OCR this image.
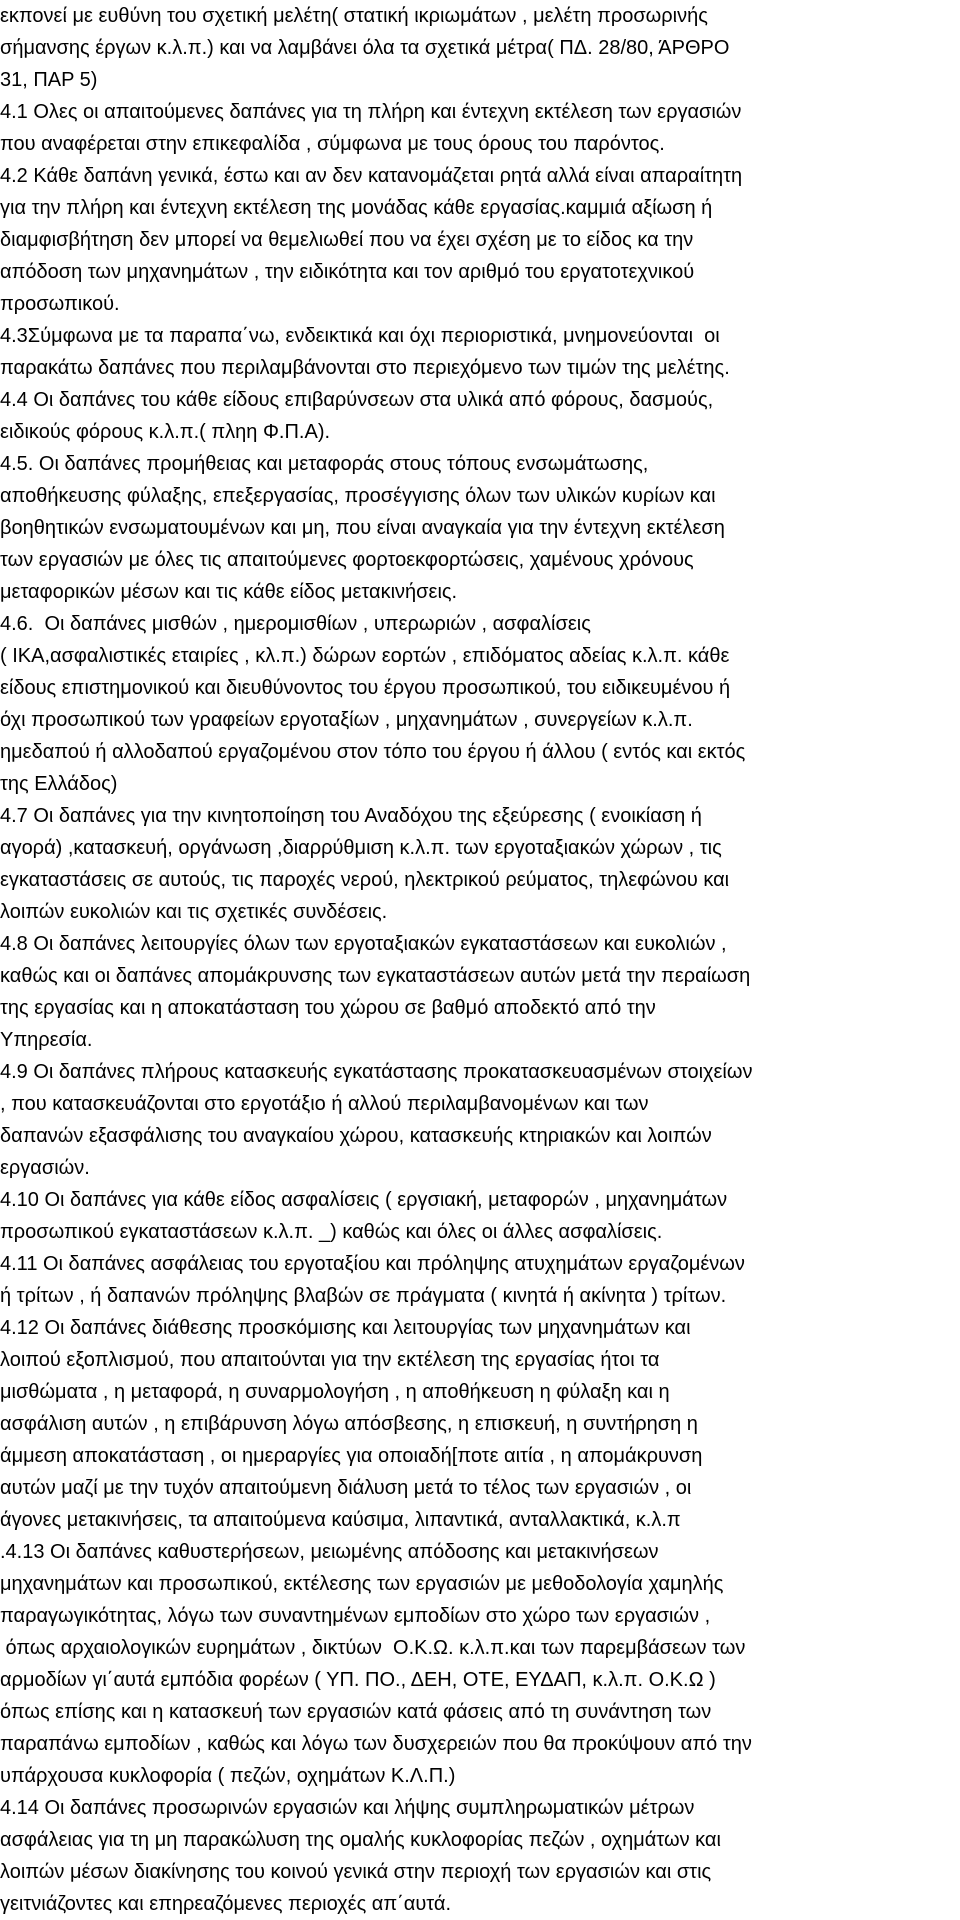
εκπονεί με ευθύνη του σχετική μελέτη( στατική ικριωμάτων , μελέτη προσωρινής
σήμανσης έργων κ.λ.π.) και να λαμβάνει όλα τα σχετικά μέτρα( ΠΔ. 28/80, ΆΡΘΡΟ
31, ΠΑΡ 5)
4.1 Ολες οι απαιτούμενες δαπάνες για τη πλήρη και έντεχνη εκτέλεση των εργασιών
που αναφέρεται στην επικεφαλίδα , σύμφωνα με τους όρους του παρόντος.
4.2 Κάθε δαπάνη γενικά, έστω και αν δεν κατανομάζεται ρητά αλλά είναι απαραίτητη
για την πλήρη και έντεχνη εκτέλεση της μονάδας κάθε εργασίας.καμμιά αξίωση ή
διαμφισβήτηση δεν μπορεί να θεμελιωθεί που να έχει σχέση με το είδος κα την
απόδοση των μηχανημάτων , την ειδικότητα και τον αριθμό του εργατοτεχνικού
προσωπικού.
4.3Σύμφωνα με τα παραπα΄νω, ενδεικτικά και όχι περιοριστικά, μνημονεύονται  οι
παρακάτω δαπάνες που περιλαμβάνονται στο περιεχόμενο των τιμών της μελέτης.
4.4 Οι δαπάνες του κάθε είδους επιβαρύνσεων στα υλικά από φόρους, δασμούς,
ειδικούς φόρους κ.λ.π.( πληη Φ.Π.Α).
4.5. Οι δαπάνες προμήθειας και μεταφοράς στους τόπους ενσωμάτωσης,
αποθήκευσης φύλαξης, επεξεργασίας, προσέγγισης όλων των υλικών κυρίων και
βοηθητικών ενσωματουμένων και μη, που είναι αναγκαία για την έντεχνη εκτέλεση
των εργασιών με όλες τις απαιτούμενες φορτοεκφορτώσεις, χαμένους χρόνους
μεταφορικών μέσων και τις κάθε είδος μετακινήσεις.
4.6.  Οι δαπάνες μισθών , ημερομισθίων , υπερωριών , ασφαλίσεις
( ΙΚΑ,ασφαλιστικές εταιρίες , κλ.π.) δώρων εορτών , επιδόματος αδείας κ.λ.π. κάθε
είδους επιστημονικού και διευθύνοντος του έργου προσωπικού, του ειδικευμένου ή
όχι προσωπικού των γραφείων εργοταξίων , μηχανημάτων , συνεργείων κ.λ.π.
ημεδαπού ή αλλοδαπού εργαζομένου στον τόπο του έργου ή άλλου ( εντός και εκτός
της Ελλάδος)
4.7 Οι δαπάνες για την κινητοποίηση του Αναδόχου της εξεύρεσης ( ενοικίαση ή
αγορά) ,κατασκευή, οργάνωση ,διαρρύθμιση κ.λ.π. των εργοταξιακών χώρων , τις
εγκαταστάσεις σε αυτούς, τις παροχές νερού, ηλεκτρικού ρεύματος, τηλεφώνου και
λοιπών ευκολιών και τις σχετικές συνδέσεις.
4.8 Οι δαπάνες λειτουργίες όλων των εργοταξιακών εγκαταστάσεων και ευκολιών ,
καθώς και οι δαπάνες απομάκρυνσης των εγκαταστάσεων αυτών μετά την περαίωση
της εργασίας και η αποκατάσταση του χώρου σε βαθμό αποδεκτό από την
Υπηρεσία.
4.9 Οι δαπάνες πλήρους κατασκευής εγκατάστασης προκατασκευασμένων στοιχείων
, που κατασκευάζονται στο εργοτάξιο ή αλλού περιλαμβανομένων και των
δαπανών εξασφάλισης του αναγκαίου χώρου, κατασκευής κτηριακών και λοιπών
εργασιών.
4.10 Οι δαπάνες για κάθε είδος ασφαλίσεις ( εργσιακή, μεταφορών , μηχανημάτων
προσωπικού εγκαταστάσεων κ.λ.π. _) καθώς και όλες οι άλλες ασφαλίσεις.
4.11 Οι δαπάνες ασφάλειας του εργοταξίου και πρόληψης ατυχημάτων εργαζομένων
ή τρίτων , ή δαπανών πρόληψης βλαβών σε πράγματα ( κινητά ή ακίνητα ) τρίτων.
4.12 Οι δαπάνες διάθεσης προσκόμισης και λειτουργίας των μηχανημάτων και
λοιπού εξοπλισμού, που απαιτούνται για την εκτέλεση της εργασίας ήτοι τα
μισθώματα , η μεταφορά, η συναρμολογήση , η αποθήκευση η φύλαξη και η
ασφάλιση αυτών , η επιβάρυνση λόγω απόσβεσης, η επισκευή, η συντήρηση η
άμμεση αποκατάσταση , οι ημεραργίες για οποιαδή[ποτε αιτία , η απομάκρυνση
αυτών μαζί με την τυχόν απαιτούμενη διάλυση μετά το τέλος των εργασιών , οι
άγονες μετακινήσεις, τα απαιτούμενα καύσιμα, λιπαντικά, ανταλλακτικά, κ.λ.π
.4.13 Οι δαπάνες καθυστερήσεων, μειωμένης απόδοσης και μετακινήσεων
μηχανημάτων και προσωπικού, εκτέλεσης των εργασιών με μεθοδολογία χαμηλής
παραγωγικότητας, λόγω των συναντημένων εμποδίων στο χώρο των εργασιών ,
όπως αρχαιολογικών ευρημάτων , δικτύων  Ο.Κ.Ω. κ.λ.π.και των παρεμβάσεων των
αρμοδίων γι΄αυτά εμπόδια φορέων ( ΥΠ. ΠΟ., ΔΕΗ, ΟΤΕ, ΕΥΔΑΠ, κ.λ.π. Ο.Κ.Ω )
όπως επίσης και η κατασκευή των εργασιών κατά φάσεις από τη συνάντηση των
παραπάνω εμποδίων , καθώς και λόγω των δυσχερειών που θα προκύψουν από την
υπάρχουσα κυκλοφορία ( πεζών, οχημάτων Κ.Λ.Π.)
4.14 Οι δαπάνες προσωρινών εργασιών και λήψης συμπληρωματικών μέτρων
ασφάλειας για τη μη παρακώλυση της ομαλής κυκλοφορίας πεζών , οχημάτων και
λοιπών μέσων διακίνησης του κοινού γενικά στην περιοχή των εργασιών και στις
γειτνιάζοντες και επηρεαζόμενες περιοχές απ΄αυτά.
